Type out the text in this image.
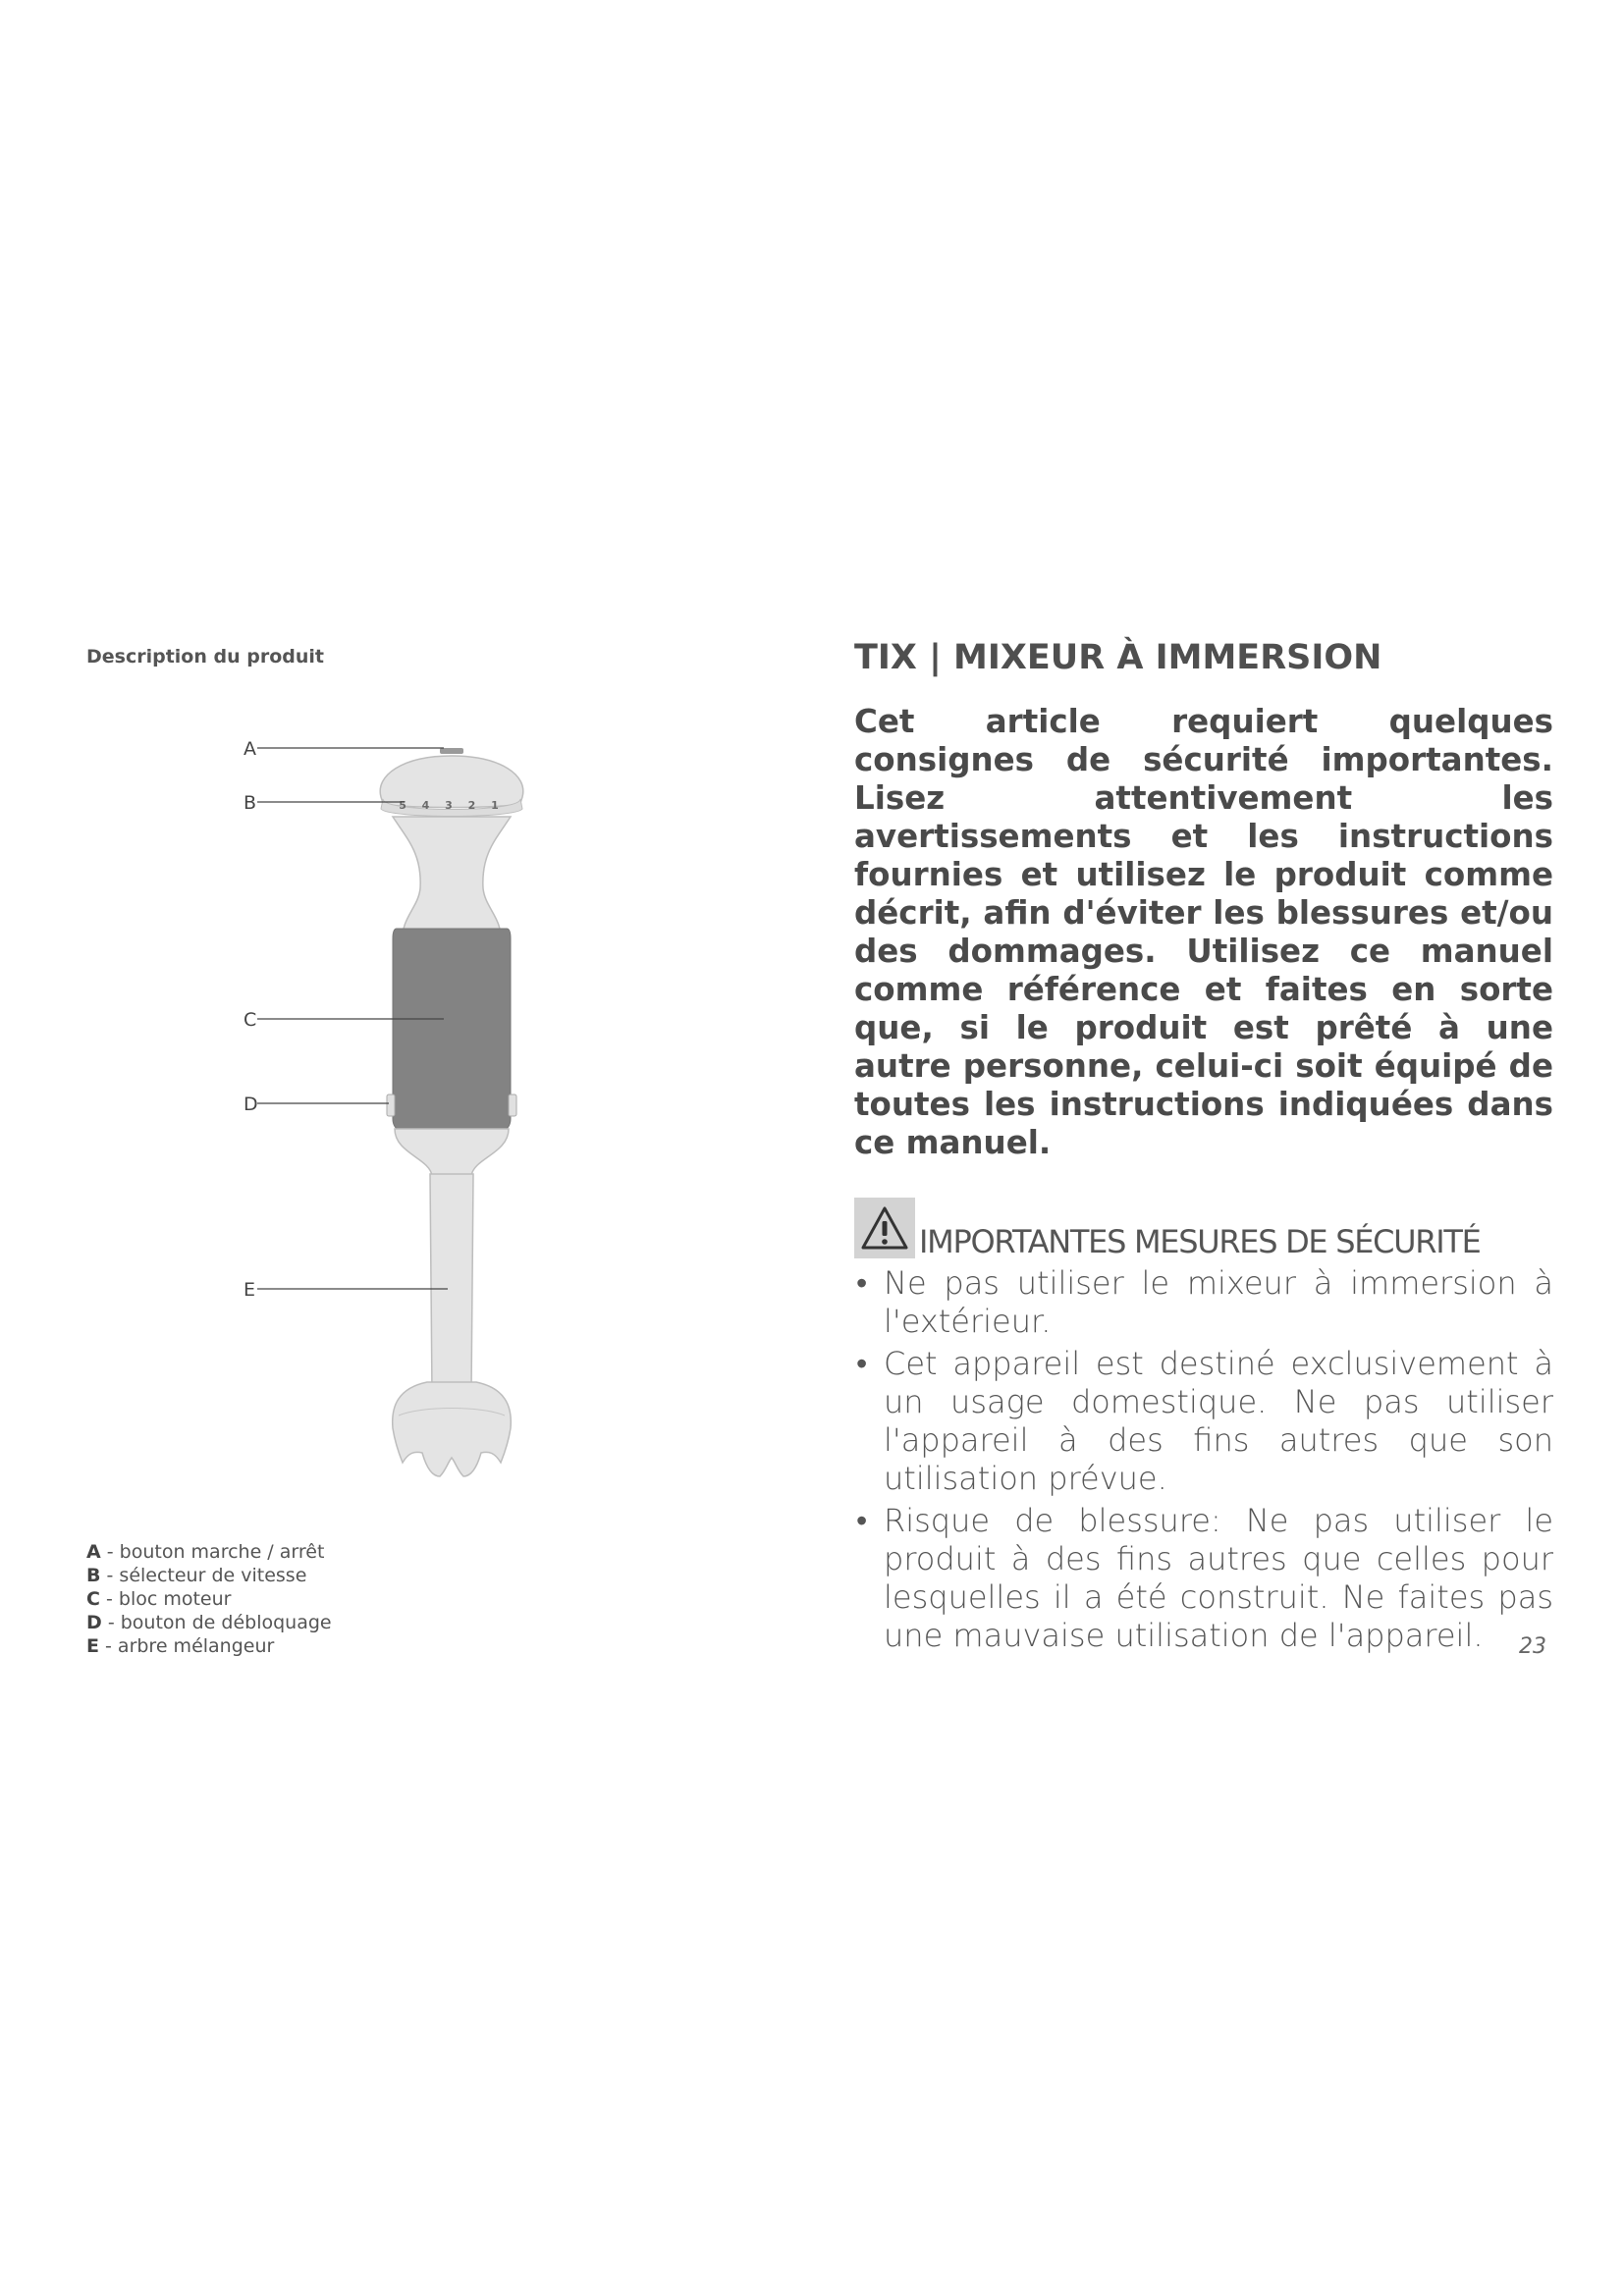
Description du produit
5 4 3 2 1
A
B
C
D
E
A - bouton marche / arrêt
B - sélecteur de vitesse
C - bloc moteur
D - bouton de débloquage
E - arbre mélangeur
TIX | MIXEUR À IMMERSION

Cet article requiert quelques consignes de sécurité importantes. Lisez attentivement les avertissements et les instructions fournies et utilisez le produit comme décrit, afin d'éviter les blessures et/ou des dommages. Utilisez ce manuel comme référence et faites en sorte que, si le produit est prêté à une autre personne, celui-ci soit équipé de toutes les instructions indiquées dans ce manuel.

IMPORTANTES MESURES DE SÉCURITÉ
• Ne pas utiliser le mixeur à immersion à l'extérieur.
• Cet appareil est destiné exclusivement à un usage domestique. Ne pas utiliser l'appareil à des fins autres que son utilisation prévue.
• Risque de blessure: Ne pas utiliser le produit à des fins autres que celles pour lesquelles il a été construit. Ne faites pas une mauvaise utilisation de l'appareil.	23
